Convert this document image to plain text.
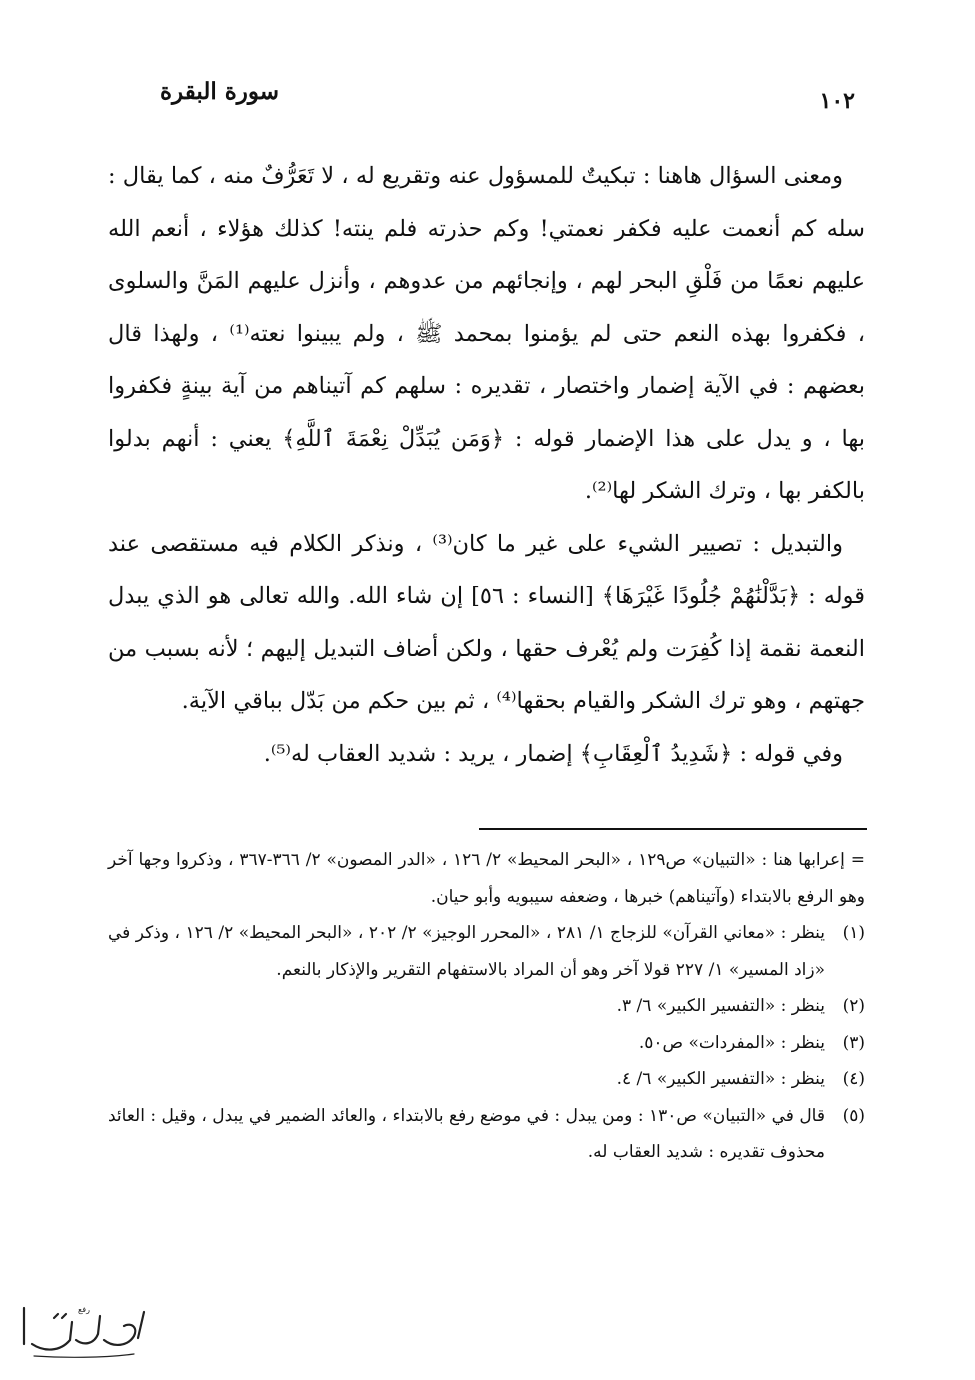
١٠٢
سورة البقرة

ومعنى السؤال هاهنا : تبكيتٌ للمسؤول عنه وتقريع له ، لا تَعَرُّفٌ منه ، كما يقال : سله كم أنعمت عليه فكفر نعمتي! وكم حذرته فلم ينته! كذلك هؤلاء ، أنعم الله عليهم نعمًا من فَلْقِ البحر لهم ، وإنجائهم من عدوهم ، وأنزل عليهم المَنَّ والسلوى ، فكفروا بهذه النعم حتى لم يؤمنوا بمحمد ﷺ ، ولم يبينوا نعته⁽¹⁾ ، ولهذا قال بعضهم : في الآية إضمار واختصار ، تقديره : سلهم كم آتيناهم من آية بينةٍ فكفروا بها ، و يدل على هذا الإضمار قوله : ﴿وَمَن يُبَدِّلْ نِعْمَةَ ٱللَّهِ﴾ يعني : أنهم بدلوا بالكفر بها ، وترك الشكر لها⁽²⁾.

والتبديل : تصيير الشيء على غير ما كان⁽³⁾ ، ونذكر الكلام فيه مستقصى عند قوله : ﴿بَدَّلْنَٰهُمْ جُلُودًا غَيْرَهَا﴾ [النساء : ٥٦] إن شاء الله. والله تعالى هو الذي يبدل النعمة نقمة إذا كُفِرَت ولم يُعْرف حقها ، ولكن أضاف التبديل إليهم ؛ لأنه بسبب من جهتهم ، وهو ترك الشكر والقيام بحقها⁽⁴⁾ ، ثم بين حكم من بَدّل بباقي الآية.

وفي قوله : ﴿شَدِيدُ ٱلْعِقَابِ﴾ إضمار ، يريد : شديد العقاب له⁽⁵⁾.

= إعرابها هنا : «التبيان» ص١٢٩ ، «البحر المحيط» ٢/ ١٢٦ ، «الدر المصون» ٢/ ٣٦٦-٣٦٧ ، وذكروا وجها آخر وهو الرفع بالابتداء (وآتيناهم) خبرها ، وضعفه سيبويه وأبو حيان.
(١)
ينظر : «معاني القرآن» للزجاج ١/ ٢٨١ ، «المحرر الوجيز» ٢/ ٢٠٢ ، «البحر المحيط» ٢/ ١٢٦ ، وذكر في «زاد المسير» ١/ ٢٢٧ قولا آخر وهو أن المراد بالاستفهام التقرير والإذكار بالنعم.
(٢)
ينظر : «التفسير الكبير» ٦/ ٣.
(٣)
ينظر : «المفردات» ص٥٠.
(٤)
ينظر : «التفسير الكبير» ٦/ ٤.
(٥)
قال في «التبيان» ص١٣٠ : ومن يبدل : في موضع رفع بالابتداء ، والعائد الضمير في يبدل ، وقيل : العائد محذوف تقديره : شديد العقاب له.
رفع
